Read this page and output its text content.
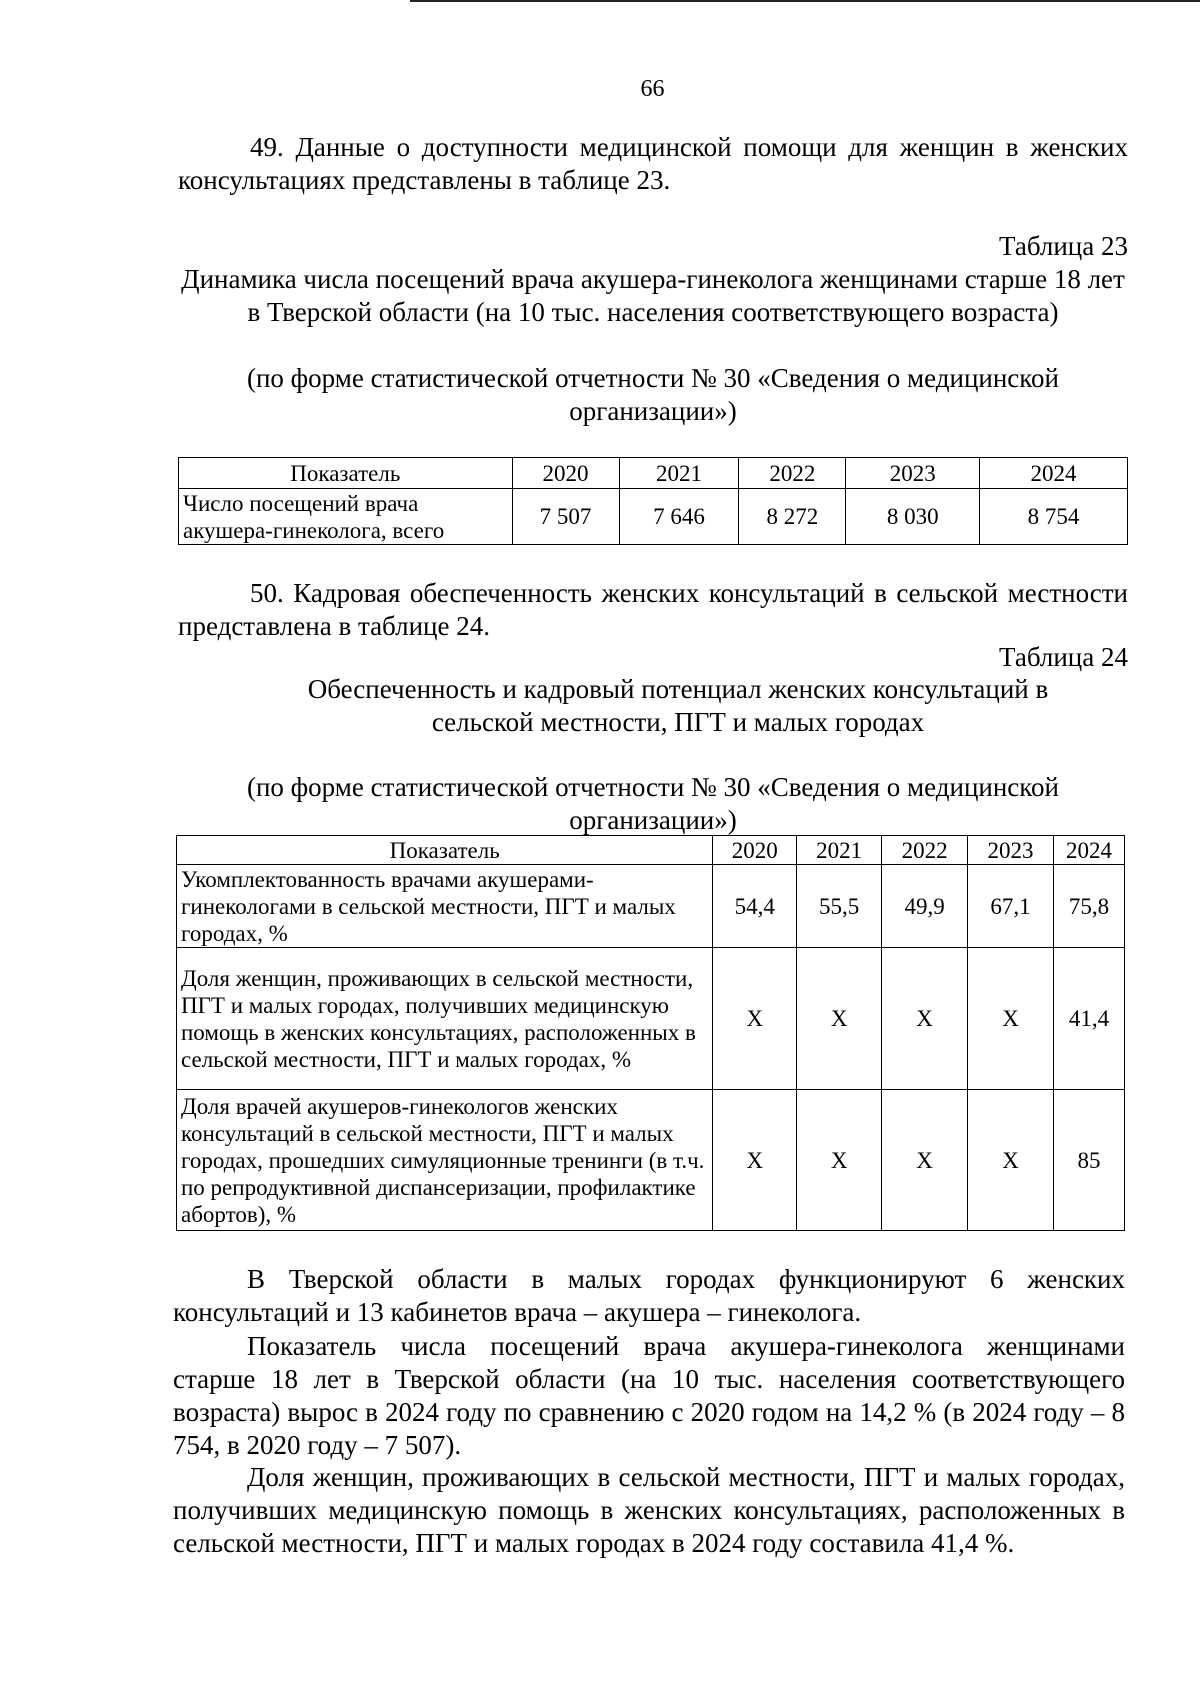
66
49. Данные о доступности медицинской помощи для женщин в женских консультациях представлены в таблице 23.
Таблица 23
Динамика числа посещений врача акушера-гинеколога женщинами старше 18 лет в Тверской области (на 10 тыс. населения соответствующего возраста)
(по форме статистической отчетности № 30 «Сведения о медицинской организации»)
Показатель	2020	2021	2022	2023	2024
Число посещений врача акушера-гинеколога, всего	7 507	7 646	8 272	8 030	8 754
50. Кадровая обеспеченность женских консультаций в сельской местности представлена в таблице 24.
Таблица 24
Обеспеченность и кадровый потенциал женских консультаций в сельской местности, ПГТ и малых городах
(по форме статистической отчетности № 30 «Сведения о медицинской организации»)
Показатель	2020	2021	2022	2023	2024
Укомплектованность врачами акушерами-гинекологами в сельской местности, ПГТ и малых городах, %	54,4	55,5	49,9	67,1	75,8
Доля женщин, проживающих в сельской местности, ПГТ и малых городах, получивших медицинскую помощь в женских консультациях, расположенных в сельской местности, ПГТ и малых городах, %	Х	Х	Х	Х	41,4
Доля врачей акушеров-гинекологов женских консультаций в сельской местности, ПГТ и малых городах, прошедших симуляционные тренинги (в т.ч. по репродуктивной диспансеризации, профилактике абортов), %	Х	Х	Х	Х	85
В Тверской области в малых городах функционируют 6 женских консультаций и 13 кабинетов врача – акушера – гинеколога.
Показатель числа посещений врача акушера-гинеколога женщинами старше 18 лет в Тверской области (на 10 тыс. населения соответствующего возраста) вырос в 2024 году по сравнению с 2020 годом на 14,2 % (в 2024 году – 8 754, в 2020 году – 7 507).
Доля женщин, проживающих в сельской местности, ПГТ и малых городах, получивших медицинскую помощь в женских консультациях, расположенных в сельской местности, ПГТ и малых городах в 2024 году составила 41,4 %.
